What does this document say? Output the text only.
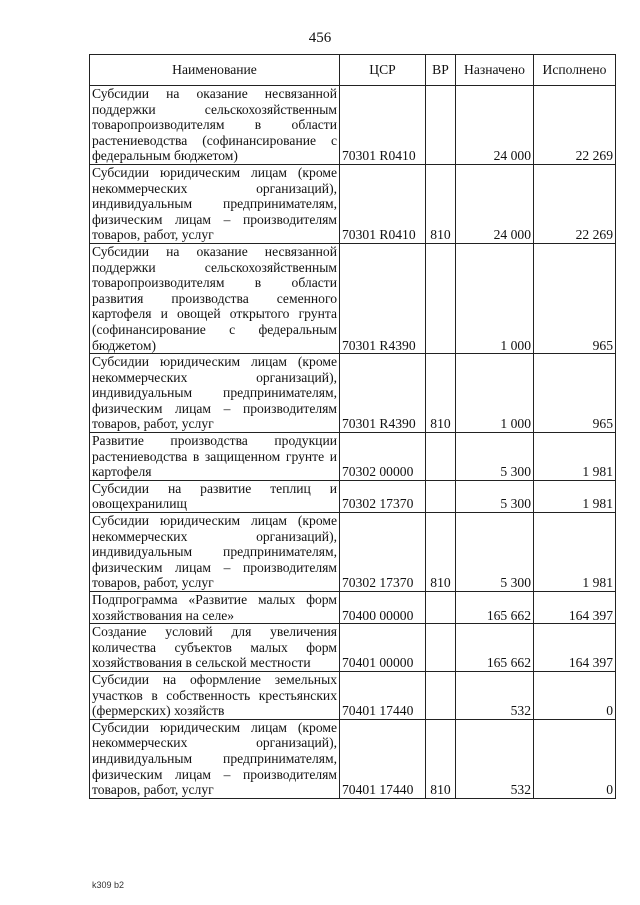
456
Наименование	ЦСР	ВР	Назначено	Исполнено
Субсидии на оказание несвязанной поддержки сельскохозяйственным товаропроизводителям в области растениеводства (софинансирование с федеральным бюджетом)	70301 R0410		24 000	22 269
Субсидии юридическим лицам (кроме некоммерческих организаций), индивидуальным предпринимателям, физическим лицам – производителям товаров, работ, услуг	70301 R0410	810	24 000	22 269
Субсидии на оказание несвязанной поддержки сельскохозяйственным товаропроизводителям в области развития производства семенного картофеля и овощей открытого грунта (софинансирование с федеральным бюджетом)	70301 R4390		1 000	965
Субсидии юридическим лицам (кроме некоммерческих организаций), индивидуальным предпринимателям, физическим лицам – производителям товаров, работ, услуг	70301 R4390	810	1 000	965
Развитие производства продукции растениеводства в защищенном грунте и картофеля	70302 00000		5 300	1 981
Субсидии на развитие теплиц и овощехранилищ	70302 17370		5 300	1 981
Субсидии юридическим лицам (кроме некоммерческих организаций), индивидуальным предпринимателям, физическим лицам – производителям товаров, работ, услуг	70302 17370	810	5 300	1 981
Подпрограмма «Развитие малых форм хозяйствования на селе»	70400 00000		165 662	164 397
Создание условий для увеличения количества субъектов малых форм хозяйствования в сельской местности	70401 00000		165 662	164 397
Субсидии на оформление земельных участков в собственность крестьянских (фермерских) хозяйств	70401 17440		532	0
Субсидии юридическим лицам (кроме некоммерческих организаций), индивидуальным предпринимателям, физическим лицам – производителям товаров, работ, услуг	70401 17440	810	532	0
k309 b2
